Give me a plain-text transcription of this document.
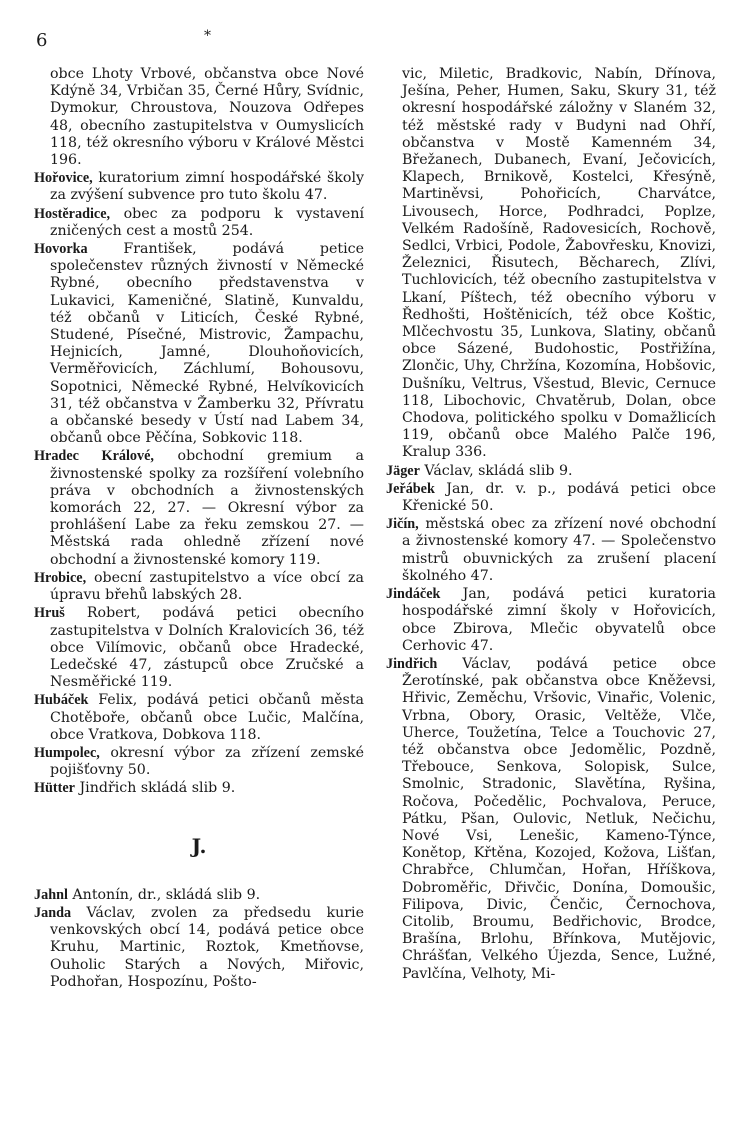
6	*

obce Lhoty Vrbové, občanstva obce Nové Kdýně 34, Vrbičan 35, Černé Hůry, Svídnic, Dymokur, Chroustova, Nouzova Odřepes 48, obecního zastupitelstva v Oumyslicích 118, též okresního výboru v Králové Městci 196.

Hořovice, kuratorium zimní hospodářské školy za zvýšení subvence pro tuto školu 47.

Hostěradice, obec za podporu k vystavení zničených cest a mostů 254.

Hovorka František, podává petice společenstev různých živností v Německé Rybné, obecního představenstva v Lukavici, Kameničné, Slatině, Kunvaldu, též občanů v Liticích, České Rybné, Studené, Písečné, Mistrovic, Žampachu, Hejnicích, Jamné, Dlouhoňovicích, Verměřovicích, Záchlumí, Bohousovu, Sopotnici, Německé Rybné, Helvíkovicích 31, též občanstva v Žamberku 32, Přívratu a občanské besedy v Ústí nad Labem 34, občanů obce Pěčína, Sobkovic 118.

Hradec Králové, obchodní gremium a živnostenské spolky za rozšíření volebního práva v obchodních a živnostenských komorách 22, 27. — Okresní výbor za prohlášení Labe za řeku zemskou 27. — Městská rada ohledně zřízení nové obchodní a živnostenské komory 119.

Hrobice, obecní zastupitelstvo a více obcí za úpravu břehů labských 28.

Hruš Robert, podává petici obecního zastupitelstva v Dolních Kralovicích 36, též obce Vilímovic, občanů obce Hradecké, Ledečské 47, zástupců obce Zručské a Nesměřické 119.

Hubáček Felix, podává petici občanů města Chotěboře, občanů obce Lučic, Malčína, obce Vratkova, Dobkova 118.

Humpolec, okresní výbor za zřízení zemské pojišťovny 50.

Hütter Jindřich skládá slib 9.

J.

Jahnl Antonín, dr., skládá slib 9.

Janda Václav, zvolen za předsedu kurie venkovských obcí 14, podává petice obce Kruhu, Martinic, Roztok, Kmetňovse, Ouholic Starých a Nových, Miřovic, Podhořan, Hospozínu, Pošto-

vic, Miletic, Bradkovic, Nabín, Dřínova, Ješína, Peher, Humen, Saku, Skury 31, též okresní hospodářské záložny v Slaném 32, též městské rady v Budyni nad Ohří, občanstva v Mostě Kamenném 34, Břežanech, Dubanech, Evaní, Ječovicích, Klapech, Brnikově, Kostelci, Křesýně, Martiněvsi, Pohořicích, Charvátce, Livousech, Horce, Podhradci, Poplze, Velkém Radošíně, Radovesicích, Rochově, Sedlci, Vrbici, Podole, Žabovřesku, Knovizi, Železnici, Řisutech, Běcharech, Zlívi, Tuchlovicích, též obecního zastupitelstva v Lkaní, Píštech, též obecního výboru v Ředhošti, Hoštěnicích, též obce Koštic, Mlčechvostu 35, Lunkova, Slatiny, občanů obce Sázené, Budohostic, Postřižína, Zlončic, Uhy, Chržína, Kozomína, Hobšovic, Dušníku, Veltrus, Všestud, Blevic, Cernuce 118, Libochovic, Chvatěrub, Dolan, obce Chodova, politického spolku v Domažlicích 119, občanů obce Malého Palče 196, Kralup 336.

Jäger Václav, skládá slib 9.

Jeřábek Jan, dr. v. p., podává petici obce Křenické 50.

Jičín, městská obec za zřízení nové obchodní a živnostenské komory 47. — Společenstvo mistrů obuvnických za zrušení placení školného 47.

Jindáček Jan, podává petici kuratoria hospodářské zimní školy v Hořovicích, obce Zbirova, Mlečic obyvatelů obce Cerhovic 47.

Jindřich Václav, podává petice obce Žerotínské, pak občanstva obce Kněževsi, Hřivic, Zeměchu, Vršovic, Vinařic, Volenic, Vrbna, Obory, Orasic, Veltěže, Vlče, Uherce, Toužetína, Telce a Touchovic 27, též občanstva obce Jedomělic, Pozdně, Třebouce, Senkova, Solopisk, Sulce, Smolnic, Stradonic, Slavětína, Ryšina, Ročova, Počedělic, Pochvalova, Peruce, Pátku, Pšan, Oulovic, Netluk, Nečichu, Nové Vsi, Lenešic, Kameno-Týnce, Konětop, Křtěna, Kozojed, Kožova, Lišťan, Chrabřce, Chlumčan, Hořan, Hříškova, Dobroměřic, Dřivčic, Donína, Domoušic, Filipova, Divic, Čenčic, Černochova, Citolib, Broumu, Bedřichovic, Brodce, Brašína, Brlohu, Břínkova, Mutějovic, Chrášťan, Velkého Újezda, Sence, Lužné, Pavlčína, Velhoty, Mi-
